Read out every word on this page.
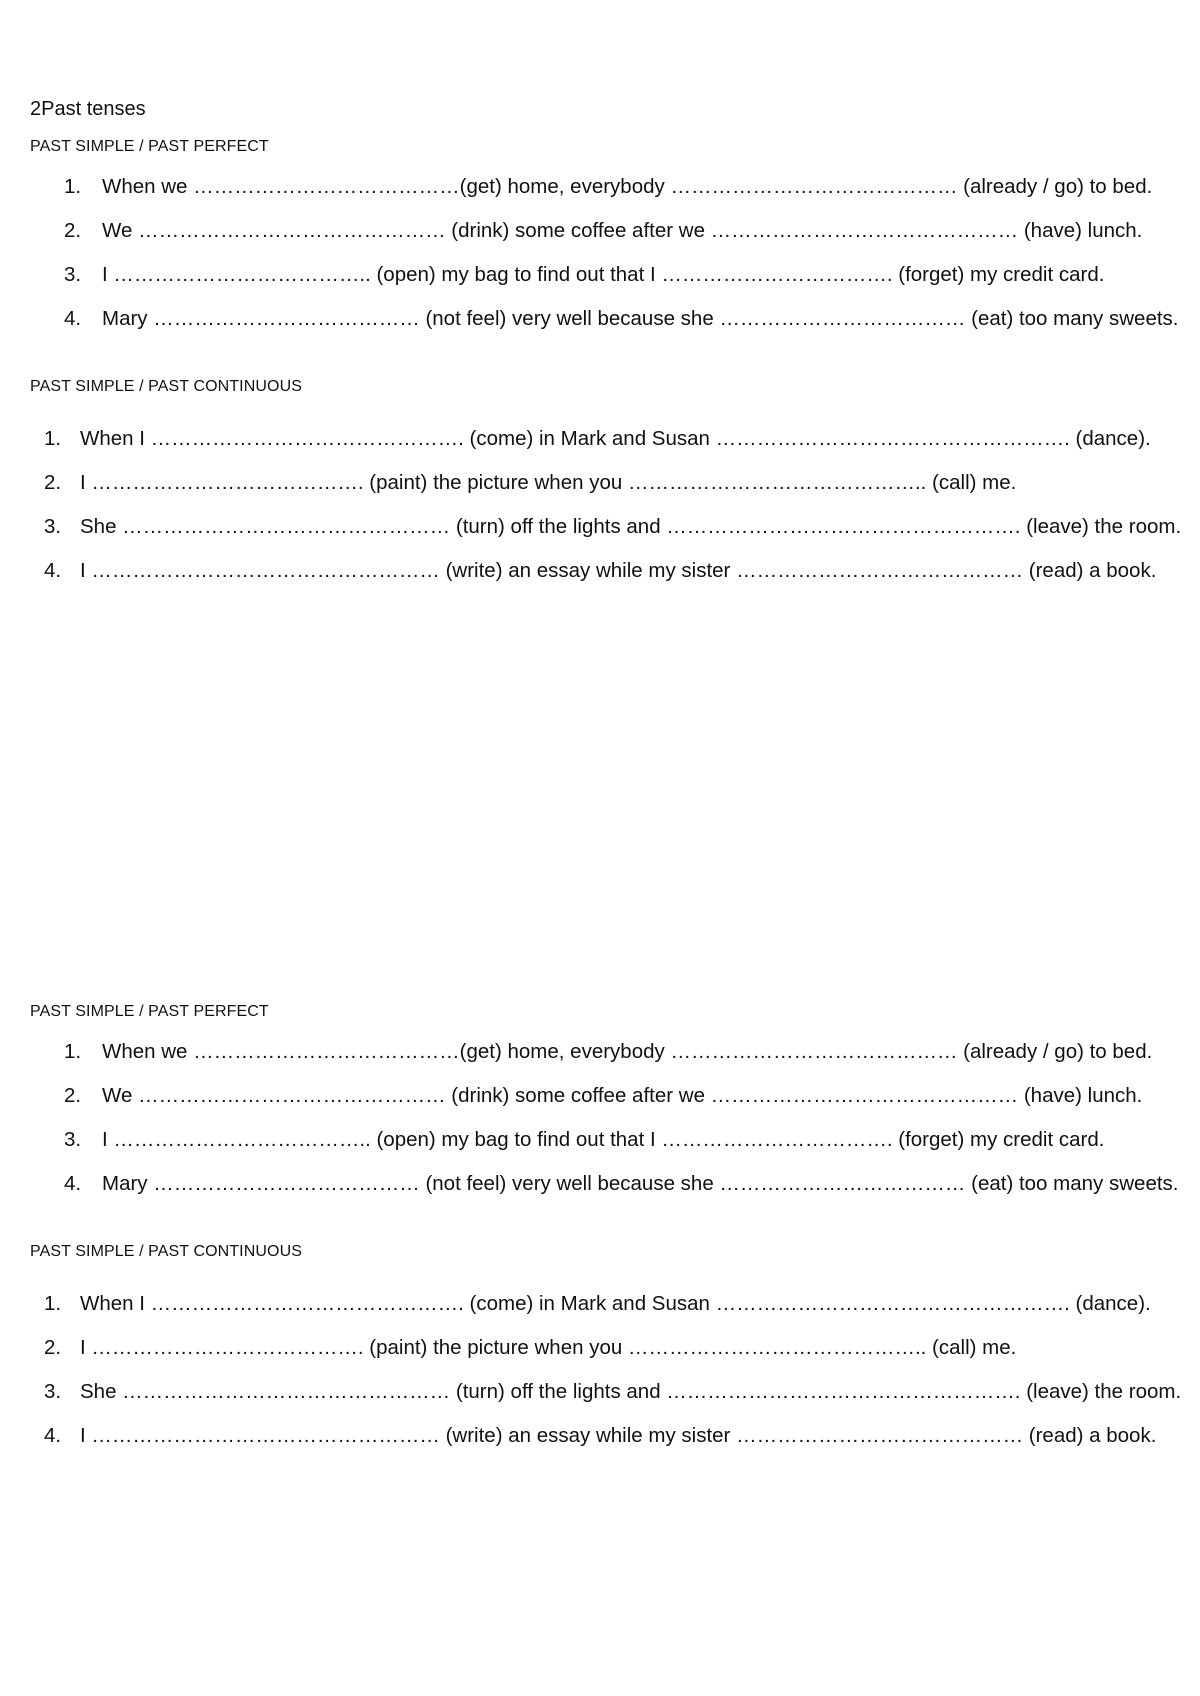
2Past tenses
PAST SIMPLE / PAST PERFECT
1. When we …………………………………(get) home, everybody …………………………………… (already / go) to bed.
2. We ……………………………………… (drink) some coffee after we ……………………………………… (have) lunch.
3. I ……………………………….. (open) my bag to find out that I ……………………………. (forget) my credit card.
4. Mary ………………………………… (not feel) very well because she ……………………………… (eat) too many sweets.
PAST SIMPLE / PAST CONTINUOUS
1. When I ………………………………………. (come) in Mark and Susan ……………………………………………. (dance).
2. I …………………………………. (paint) the picture when you …………………………………….. (call) me.
3. She ………………………………………… (turn) off the lights and ……………………………………………. (leave) the room.
4. I …………………………………………… (write) an essay while my sister …………………………………… (read) a book.
PAST SIMPLE / PAST PERFECT
1. When we …………………………………(get) home, everybody …………………………………… (already / go) to bed.
2. We ……………………………………… (drink) some coffee after we ……………………………………… (have) lunch.
3. I ……………………………….. (open) my bag to find out that I ……………………………. (forget) my credit card.
4. Mary ………………………………… (not feel) very well because she ……………………………… (eat) too many sweets.
PAST SIMPLE / PAST CONTINUOUS
1. When I ………………………………………. (come) in Mark and Susan ……………………………………………. (dance).
2. I …………………………………. (paint) the picture when you …………………………………….. (call) me.
3. She ………………………………………… (turn) off the lights and ……………………………………………. (leave) the room.
4. I …………………………………………… (write) an essay while my sister …………………………………… (read) a book.
